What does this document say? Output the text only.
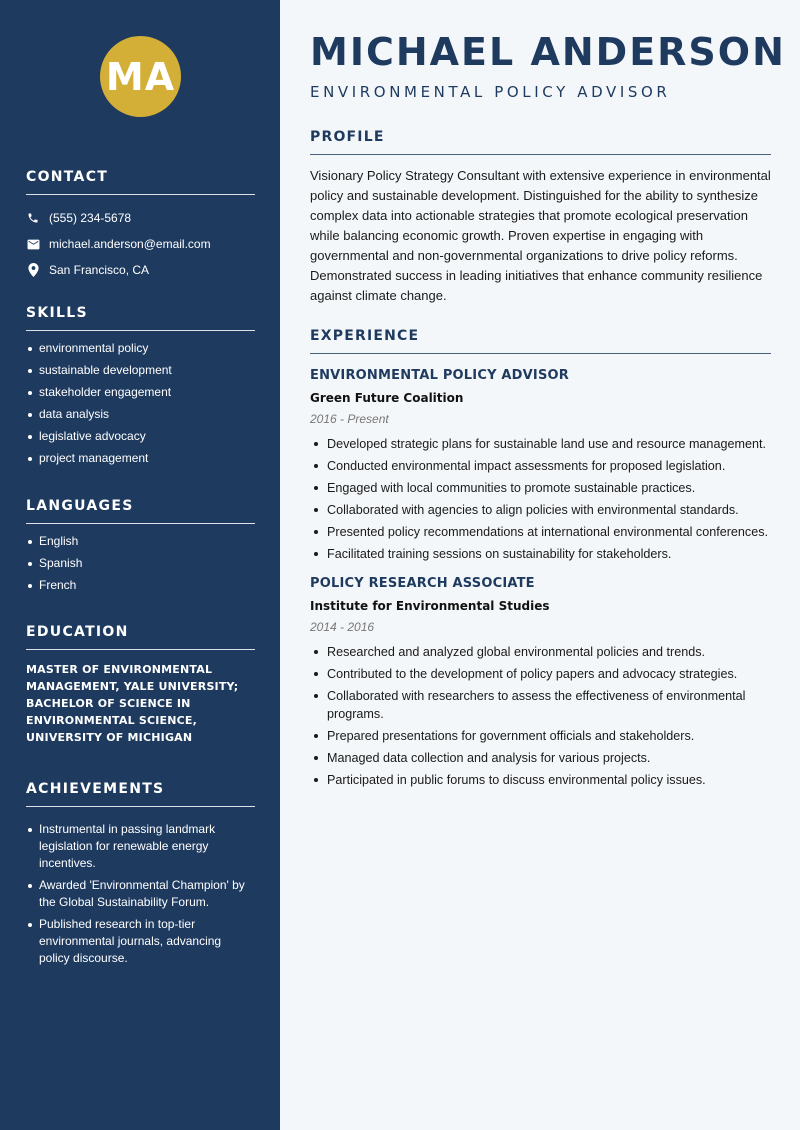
MA
CONTACT
(555) 234-5678
michael.anderson@email.com
San Francisco, CA
SKILLS
environmental policy
sustainable development
stakeholder engagement
data analysis
legislative advocacy
project management
LANGUAGES
English
Spanish
French
EDUCATION
MASTER OF ENVIRONMENTAL MANAGEMENT, YALE UNIVERSITY; BACHELOR OF SCIENCE IN ENVIRONMENTAL SCIENCE, UNIVERSITY OF MICHIGAN
ACHIEVEMENTS
Instrumental in passing landmark legislation for renewable energy incentives.
Awarded 'Environmental Champion' by the Global Sustainability Forum.
Published research in top-tier environmental journals, advancing policy discourse.
MICHAEL ANDERSON
ENVIRONMENTAL POLICY ADVISOR
PROFILE
Visionary Policy Strategy Consultant with extensive experience in environmental policy and sustainable development. Distinguished for the ability to synthesize complex data into actionable strategies that promote ecological preservation while balancing economic growth. Proven expertise in engaging with governmental and non-governmental organizations to drive policy reforms. Demonstrated success in leading initiatives that enhance community resilience against climate change.
EXPERIENCE
ENVIRONMENTAL POLICY ADVISOR
Green Future Coalition
2016 - Present
Developed strategic plans for sustainable land use and resource management.
Conducted environmental impact assessments for proposed legislation.
Engaged with local communities to promote sustainable practices.
Collaborated with agencies to align policies with environmental standards.
Presented policy recommendations at international environmental conferences.
Facilitated training sessions on sustainability for stakeholders.
POLICY RESEARCH ASSOCIATE
Institute for Environmental Studies
2014 - 2016
Researched and analyzed global environmental policies and trends.
Contributed to the development of policy papers and advocacy strategies.
Collaborated with researchers to assess the effectiveness of environmental programs.
Prepared presentations for government officials and stakeholders.
Managed data collection and analysis for various projects.
Participated in public forums to discuss environmental policy issues.
